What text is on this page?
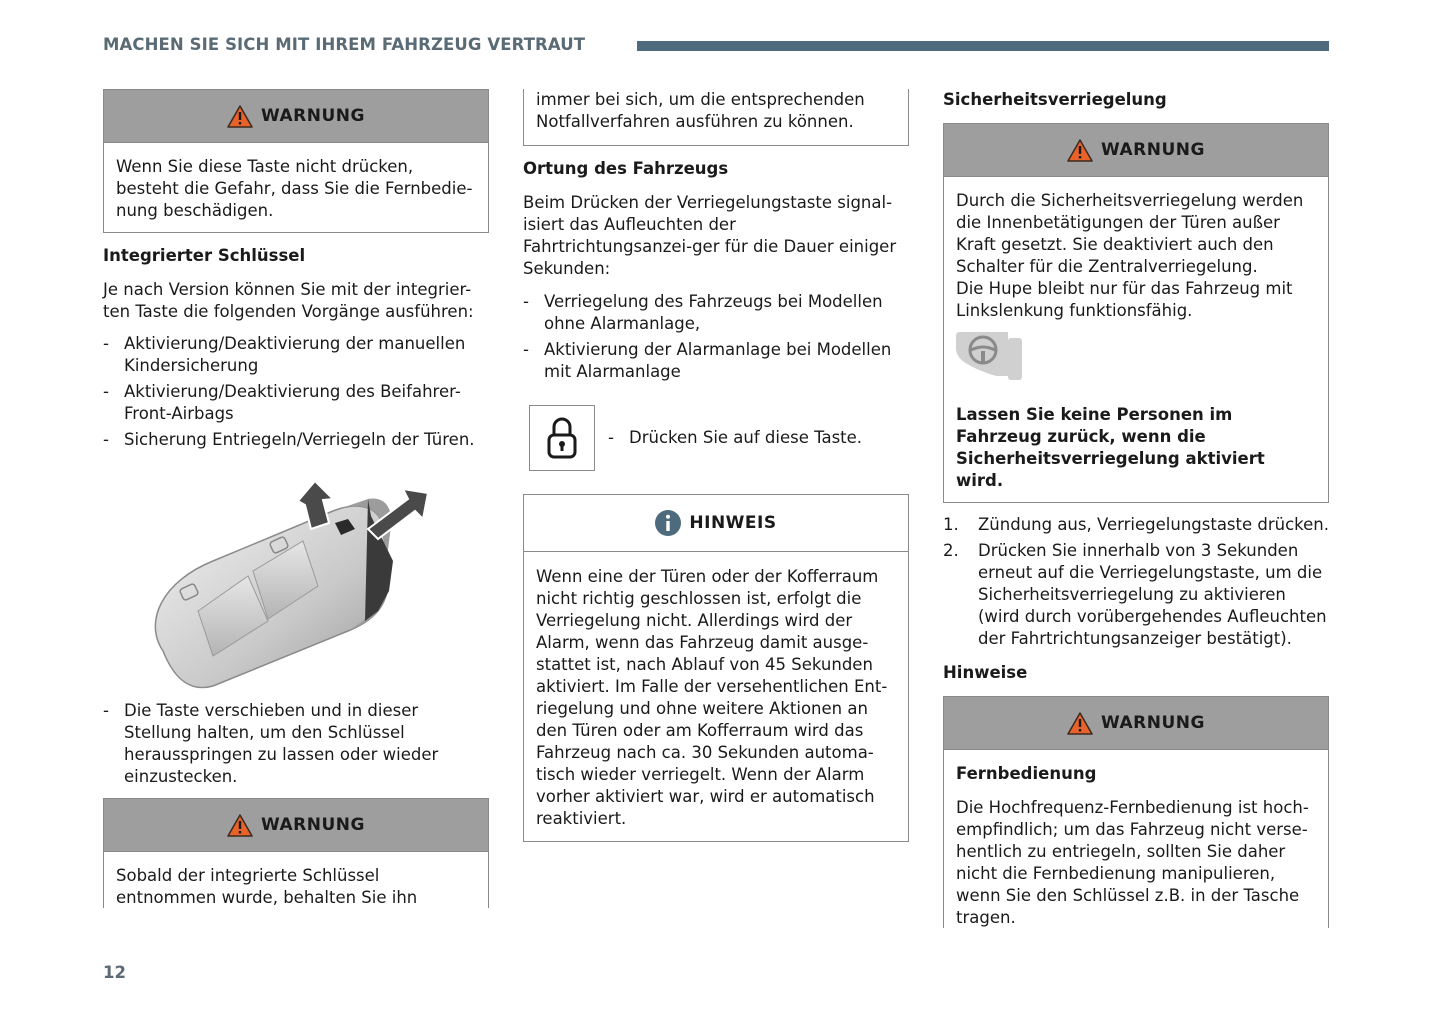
MACHEN SIE SICH MIT IHREM FAHRZEUG VERTRAUT
WARNUNG

Wenn Sie diese Taste nicht drücken, besteht die Gefahr, dass Sie die Fernbedie-nung beschädigen.

Integrierter Schlüssel

Je nach Version können Sie mit der integrier-ten Taste die folgenden Vorgänge ausführen:

- Aktivierung/Deaktivierung der manuellen Kindersicherung
- Aktivierung/Deaktivierung des Beifahrer-Front-Airbags
- Sicherung Entriegeln/Verriegeln der Türen.
- Die Taste verschieben und in dieser Stellung halten, um den Schlüssel herausspringen zu lassen oder wieder einzustecken.
WARNUNG

Sobald der integrierte Schlüssel entnommen wurde, behalten Sie ihn

immer bei sich, um die entsprechenden Notfallverfahren ausführen zu können.

Ortung des Fahrzeugs

Beim Drücken der Verriegelungstaste signal-isiert das Aufleuchten der Fahrtrichtungsanzei-ger für die Dauer einiger Sekunden:

- Verriegelung des Fahrzeugs bei Modellen ohne Alarmanlage,
- Aktivierung der Alarmanlage bei Modellen mit Alarmanlage
- Drücken Sie auf diese Taste.
HINWEIS

Wenn eine der Türen oder der Kofferraum nicht richtig geschlossen ist, erfolgt die Verriegelung nicht. Allerdings wird der Alarm, wenn das Fahrzeug damit ausge-stattet ist, nach Ablauf von 45 Sekunden aktiviert. Im Falle der versehentlichen Ent-riegelung und ohne weitere Aktionen an den Türen oder am Kofferraum wird das Fahrzeug nach ca. 30 Sekunden automa-tisch wieder verriegelt. Wenn der Alarm vorher aktiviert war, wird er automatisch reaktiviert.

Sicherheitsverriegelung

WARNUNG

Durch die Sicherheitsverriegelung werden die Innenbetätigungen der Türen außer Kraft gesetzt. Sie deaktiviert auch den Schalter für die Zentralverriegelung.

Die Hupe bleibt nur für das Fahrzeug mit Linkslenkung funktionsfähig.

Lassen Sie keine Personen im Fahrzeug zurück, wenn die Sicherheitsverriegelung aktiviert wird.

1. Zündung aus, Verriegelungstaste drücken.
2. Drücken Sie innerhalb von 3 Sekunden erneut auf die Verriegelungstaste, um die Sicherheitsverriegelung zu aktivieren (wird durch vorübergehendes Aufleuchten der Fahrtrichtungsanzeiger bestätigt).

Hinweise

WARNUNG

Fernbedienung

Die Hochfrequenz-Fernbedienung ist hoch-empfindlich; um das Fahrzeug nicht verse-hentlich zu entriegeln, sollten Sie daher nicht die Fernbedienung manipulieren, wenn Sie den Schlüssel z.B. in der Tasche tragen.

12
